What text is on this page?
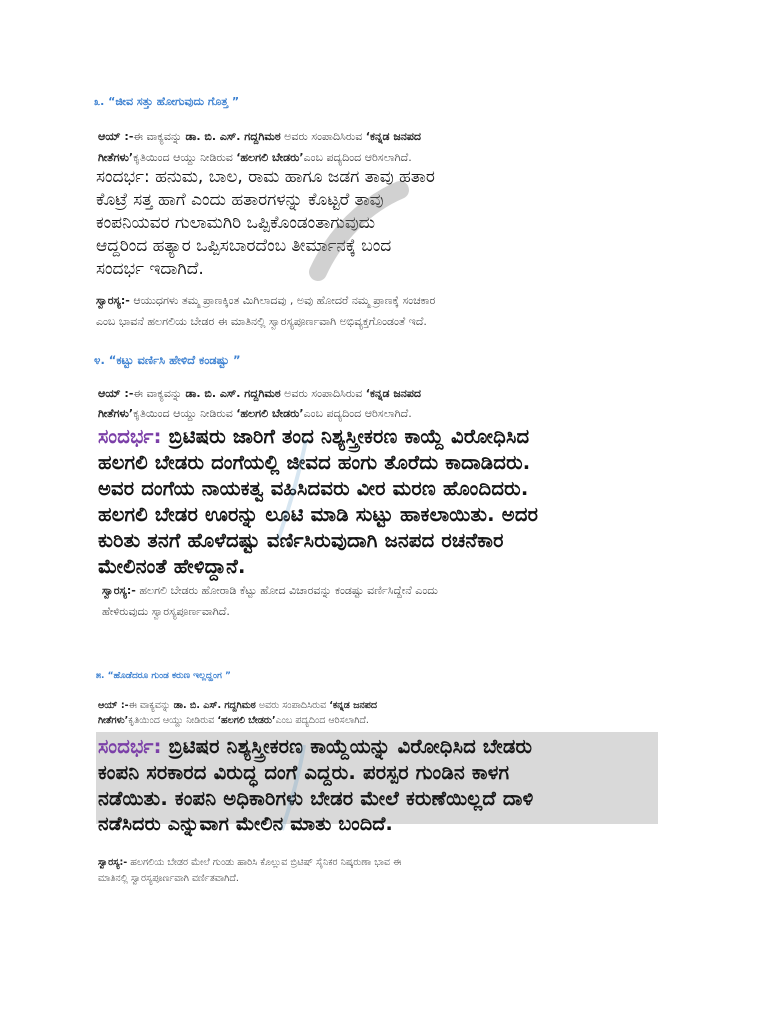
೩. “ಜೀವ ಸತ್ತು ಹೋಗುವುದು ಗೊತ್ತ ”
ಆಯ್ :-ಈ ವಾಕ್ಯವನ್ನು ಡಾ. ಬಿ. ಎಸ್. ಗದ್ದಗಿಮಠ ಅವರು ಸಂಪಾದಿಸಿರುವ ‘ಕನ್ನಡ ಜನಪದ
ಗೀತೆಗಳು’ಕೃತಿಯಿಂದ ಆಯ್ದು ನೀಡಿರುವ ‘ಹಲಗಲಿ ಬೇಡರು’ಎಂಬ ಪದ್ಯದಿಂದ ಆರಿಸಲಾಗಿದೆ.
ಸಂದರ್ಭ: ಹನುಮ, ಬಾಲ, ರಾಮ ಹಾಗೂ ಜಡಗ ತಾವು ಹತಾರ
ಕೊಟ್ರೆ ಸತ್ತ ಹಾಗೆ ಎಂದು ಹತಾರಗಳನ್ನು ಕೊಟ್ಟರೆ ತಾವು
ಕಂಪನಿಯವರ ಗುಲಾಮಗಿರಿ ಒಪ್ಪಿಕೊಂಡಂತಾಗುವುದು
ಆದ್ದರಿಂದ ಹತ್ಯಾರ ಒಪ್ಪಿಸಬಾರದೆಂಬ ತೀರ್ಮಾನಕ್ಕೆ ಬಂದ
ಸಂದರ್ಭ ಇದಾಗಿದೆ.
ಸ್ವಾರಸ್ಯ:- ಆಯುಧಗಳು ತಮ್ಮ ಪ್ರಾಣಕ್ಕಿಂತ ಮಿಗಿಲಾದವು , ಅವು ಹೋದರೆ ನಮ್ಮ ಪ್ರಾಣಕ್ಕೆ ಸಂಚಕಾರ
ಎಂಬ ಭಾವನೆ ಹಲಗಲಿಯ ಬೇಡರ ಈ ಮಾತಿನಲ್ಲಿ ಸ್ವಾರಸ್ಯಪೂರ್ಣವಾಗಿ ಅಭಿವ್ಯಕ್ತಗೊಂಡಂತೆ ಇದೆ.
೪. “ಕಟ್ಟು ವರ್ಣಿಸಿ ಹೇಳಿದೆ ಕಂಡಷ್ಟು ”
ಆಯ್ :-ಈ ವಾಕ್ಯವನ್ನು ಡಾ. ಬಿ. ಎಸ್. ಗದ್ದಗಿಮಠ ಅವರು ಸಂಪಾದಿಸಿರುವ ‘ಕನ್ನಡ ಜನಪದ
ಗೀತೆಗಳು’ಕೃತಿಯಿಂದ ಆಯ್ದು ನೀಡಿರುವ ‘ಹಲಗಲಿ ಬೇಡರು’ಎಂಬ ಪದ್ಯದಿಂದ ಆರಿಸಲಾಗಿದೆ.
ಸಂದರ್ಭ: ಬ್ರಿಟಿಷರು ಜಾರಿಗೆ ತಂದ ನಿಶ್ಯಸ್ತ್ರೀಕರಣ ಕಾಯ್ದೆ ವಿರೋಧಿಸಿದ
ಹಲಗಲಿ ಬೇಡರು ದಂಗೆಯಲ್ಲಿ ಜೀವದ ಹಂಗು ತೊರೆದು ಕಾದಾಡಿದರು.
ಅವರ ದಂಗೆಯ ನಾಯಕತ್ವ ವಹಿಸಿದವರು ವೀರ ಮರಣ ಹೊಂದಿದರು.
ಹಲಗಲಿ ಬೇಡರ ಊರನ್ನು ಲೂಟಿ ಮಾಡಿ ಸುಟ್ಟು ಹಾಕಲಾಯಿತು. ಅದರ
ಕುರಿತು ತನಗೆ ಹೊಳೆದಷ್ಟು ವರ್ಣಿಸಿರುವುದಾಗಿ ಜನಪದ ರಚನೆಕಾರ
ಮೇಲಿನಂತೆ ಹೇಳಿದ್ದಾನೆ.
ಸ್ವಾರಸ್ಯ:- ಹಲಗಲಿ ಬೇಡರು ಹೋರಾಡಿ ಕೆಟ್ಟು ಹೋದ ವಿಚಾರವನ್ನು ಕಂಡಷ್ಟು ವರ್ಣಿಸಿದ್ದೇನೆ ಎಂದು
ಹೇಳಿರುವುದು ಸ್ವಾರಸ್ಯಪೂರ್ಣವಾಗಿದೆ.
೫. “ಹೊಡೆದರೂ ಗುಂಡ ಕರುಣ ಇಲ್ಲದ್ಹಂಗ ”
ಆಯ್ :-ಈ ವಾಕ್ಯವನ್ನು ಡಾ. ಬಿ. ಎಸ್. ಗದ್ದಗಿಮಠ ಅವರು ಸಂಪಾದಿಸಿರುವ ‘ಕನ್ನಡ ಜನಪದ
ಗೀತೆಗಳು’ಕೃತಿಯಿಂದ ಆಯ್ದು ನೀಡಿರುವ ‘ಹಲಗಲಿ ಬೇಡರು’ಎಂಬ ಪದ್ಯದಿಂದ ಆರಿಸಲಾಗಿದೆ.
ಸಂದರ್ಭ: ಬ್ರಿಟಿಷರ ನಿಶ್ಯಸ್ತ್ರೀಕರಣ ಕಾಯ್ದೆಯನ್ನು ವಿರೋಧಿಸಿದ ಬೇಡರು
ಕಂಪನಿ ಸರಕಾರದ ವಿರುದ್ಧ ದಂಗೆ ಎದ್ದರು. ಪರಸ್ಪರ ಗುಂಡಿನ ಕಾಳಗ
ನಡೆಯಿತು. ಕಂಪನಿ ಅಧಿಕಾರಿಗಳು ಬೇಡರ ಮೇಲೆ ಕರುಣೆಯಿಲ್ಲದೆ ದಾಳಿ
ನಡೆಸಿದರು ಎನ್ನುವಾಗ ಮೇಲಿನ ಮಾತು ಬಂದಿದೆ.
ಸ್ವಾರಸ್ಯ:- ಹಲಗಲಿಯ ಬೇಡರ ಮೇಲೆ ಗುಂಡು ಹಾರಿಸಿ ಕೊಲ್ಲುವ ಬ್ರಿಟಿಷ್ ಸೈನಿಕರ ನಿಷ್ಕರುಣಾ ಭಾವ ಈ
ಮಾತಿನಲ್ಲಿ ಸ್ವಾರಸ್ಯಪೂರ್ಣವಾಗಿ ವರ್ಣಿತವಾಗಿದೆ.
